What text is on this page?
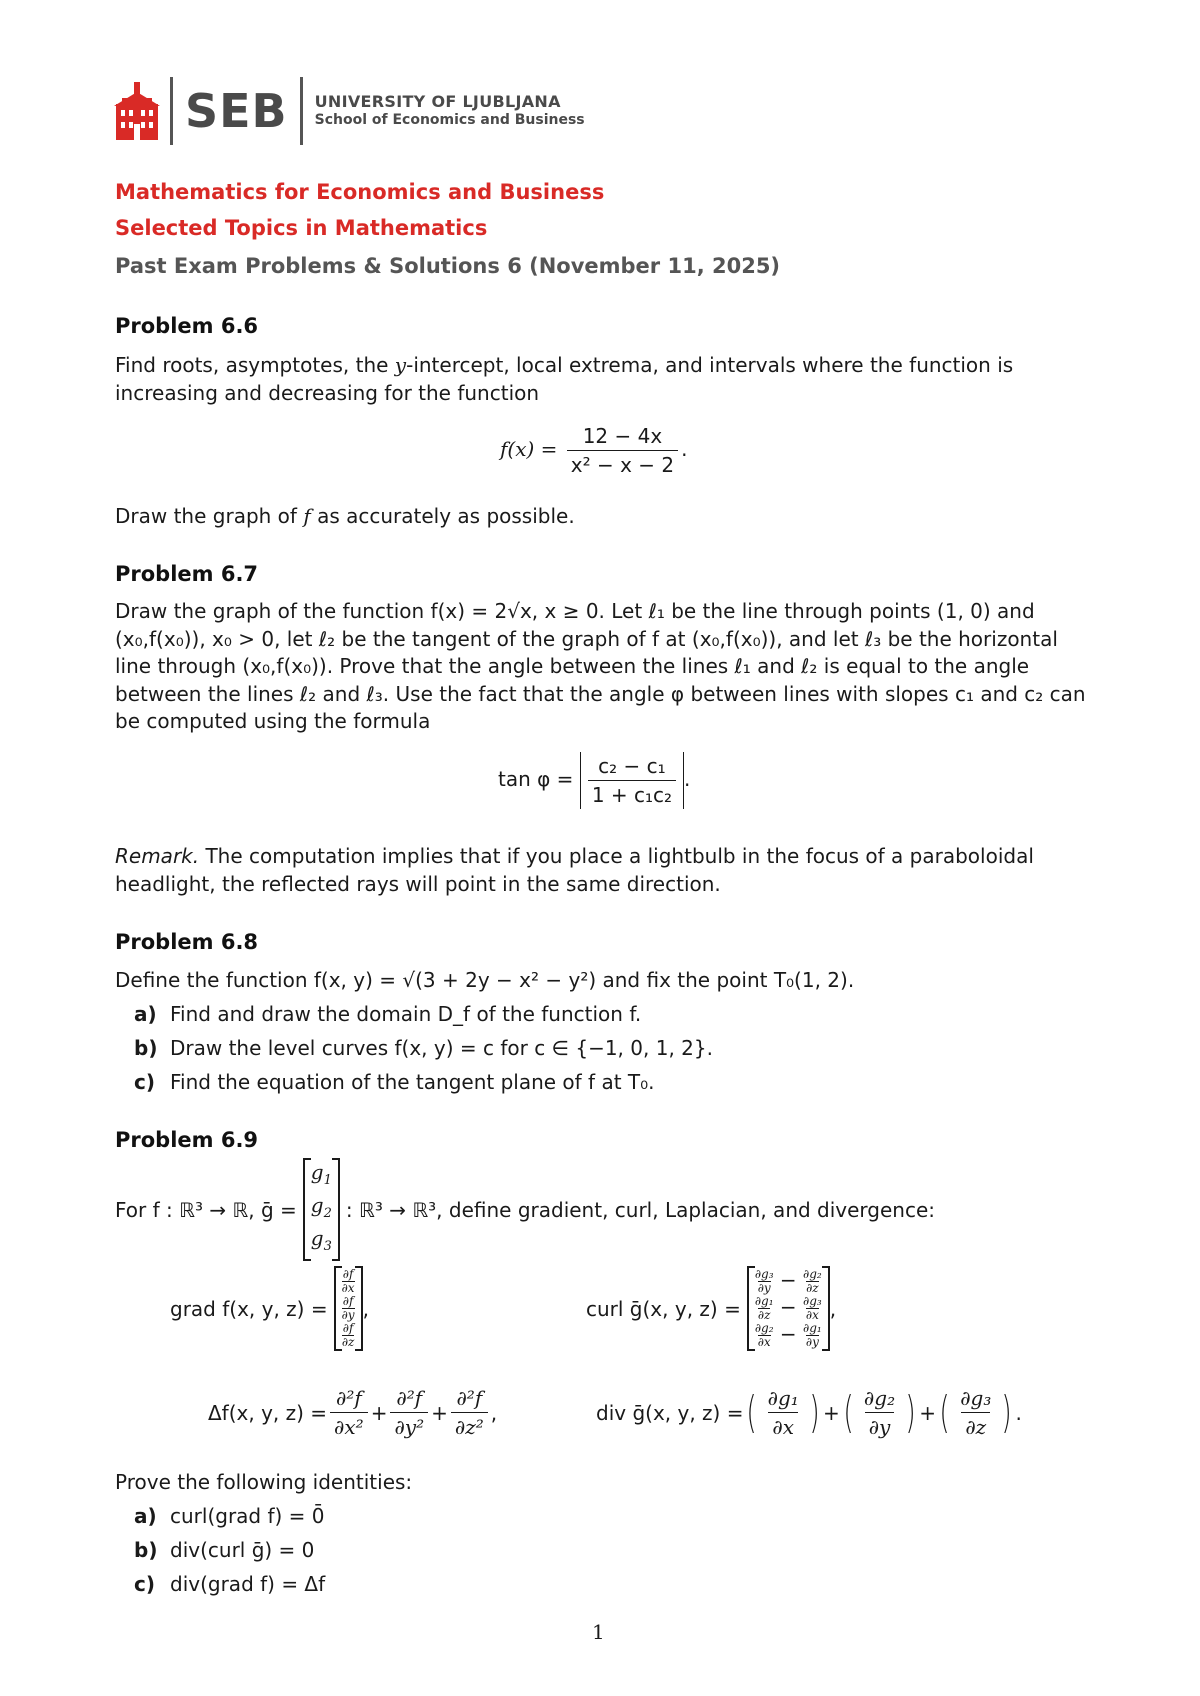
SEB UNIVERSITY OF LJUBLJANA
School of Economics and Business
Mathematics for Economics and Business
Selected Topics in Mathematics
Past Exam Problems & Solutions 6 (November 11, 2025)
Problem 6.6
Find roots, asymptotes, the y-intercept, local extrema, and intervals where the function is increasing and decreasing for the function
$f(x) = \frac{12 - 4x}{\text{x² − x − 2}}$ .
Draw the graph of f as accurately as possible.
Problem 6.7
Draw the graph of the function f(x) = 2√x, x ≥ 0. Let ℓ₁ be the line through points (1, 0) and (x₀,f(x₀)), x₀ > 0, let ℓ₂ be the tangent of the graph of f at (x₀,f(x₀)), and let ℓ₃ be the horizontal line through (x₀,f(x₀)). Prove that the angle between the lines ℓ₁ and ℓ₂ is equal to the angle between the lines ℓ₂ and ℓ₃. Use the fact that the angle φ between lines with slopes c₁ and c₂ can be computed using the formula
$\tan \varphi = \frac{\text{c₂ − c₁}}{\text{1 + c₁c₂}}$ .
Remark. The computation implies that if you place a lightbulb in the focus of a paraboloidal headlight, the reflected rays will point in the same direction.
Problem 6.8
Define the function f(x, y) = √(3 + 2y − x² − y²) and fix the point T₀(1, 2).
a) Find and draw the domain D_f of the function f.
b) Draw the level curves f(x, y) = c for c ∈ {−1, 0, 1, 2}.
c) Find the equation of the tangent plane of f at T₀.
Problem 6.9
For f : ℝ³ → ℝ, ḡ =
$g_1$
$g_2$
$g_3$
: ℝ³ → ℝ³, define gradient, curl, Laplacian, and divergence:
grad f(x, y, z) =
$\frac{\partial f}{\partial x}$
$\frac{\partial f}{\partial y}$
$\frac{\partial f}{\partial z}$
,	curl ḡ(x, y, z) =
$\frac{\text{∂g₃}}{\partial y} - \frac{\text{∂g₂}}{\partial z}$
$\frac{\text{∂g₁}}{\partial z} - \frac{\text{∂g₃}}{\partial x}$
$\frac{\text{∂g₂}}{\partial x} - \frac{\text{∂g₁}}{\partial y}$
,
Δf(x, y, $z) = \frac{\text{∂²f}}{\text{∂x²}} + \frac{\text{∂²f}}{\text{∂y²}} + \frac{\text{∂²f}}{\text{∂z²}}$ ,	div ḡ(x, y, z) = ( $\frac{\text{∂g₁}}{\partial x}$ ) + ( $\frac{\text{∂g₂}}{\partial y}$ ) + ( $\frac{\text{∂g₃}}{\partial z}$ ) .
Prove the following identities:
a) curl(grad f) = 0̄
b) div(curl ḡ) = 0
c) div(grad f) = Δf
1
